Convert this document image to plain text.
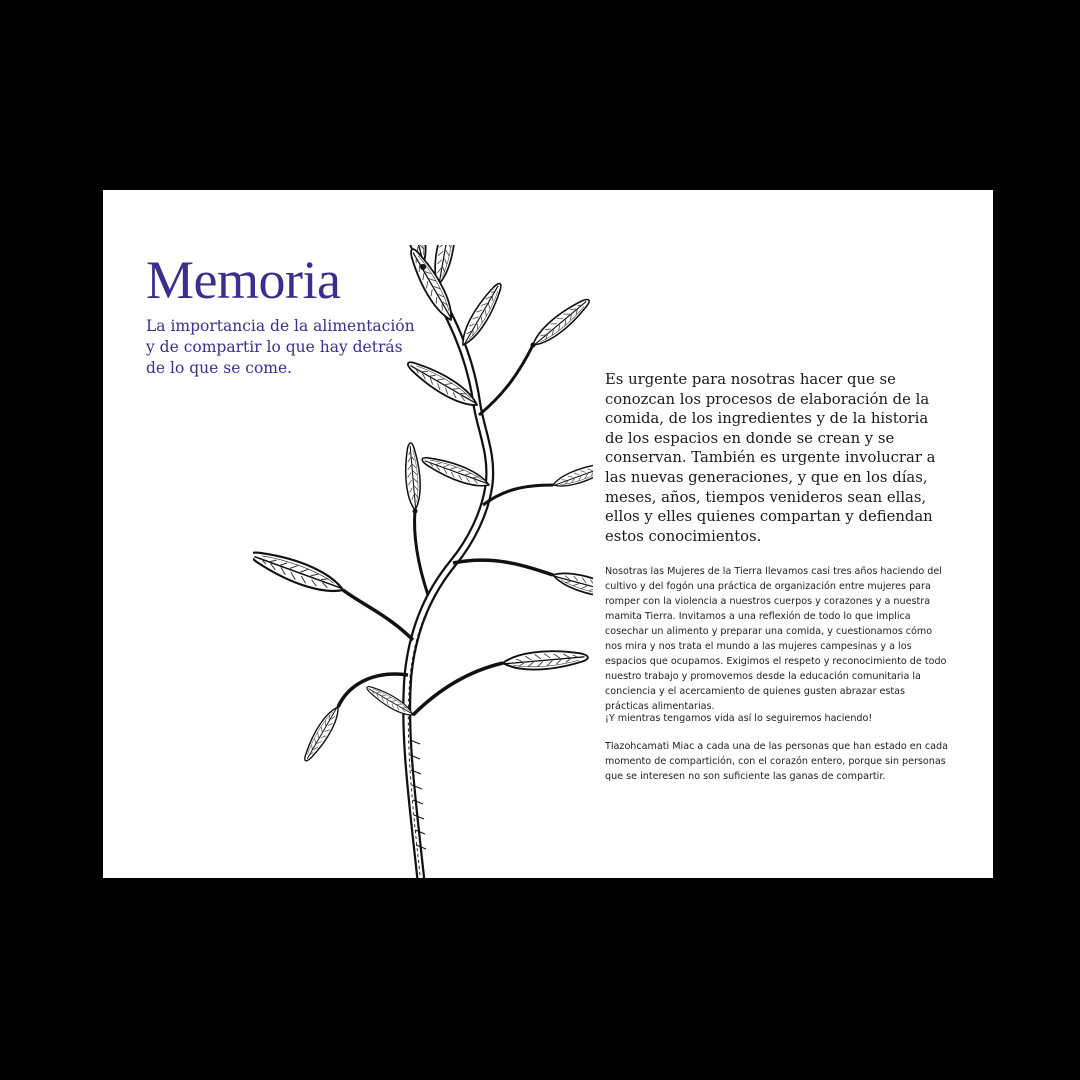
Memoria

La importancia de la alimentación y de compartir lo que hay detrás de lo que se come.

Es urgente para nosotras hacer que se conozcan los procesos de elaboración de la comida, de los ingredientes y de la historia de los espacios en donde se crean y se conservan. También es urgente involucrar a las nuevas generaciones, y que en los días, meses, años, tiempos venideros sean ellas, ellos y elles quienes compartan y defiendan estos conocimientos.

Nosotras las Mujeres de la Tierra llevamos casi tres años haciendo del cultivo y del fogón una práctica de organización entre mujeres para romper con la violencia a nuestros cuerpos y corazones y a nuestra mamita Tierra. Invitamos a una reflexión de todo lo que implica cosechar un alimento y preparar una comida, y cuestionamos cómo nos mira y nos trata el mundo a las mujeres campesinas y a los espacios que ocupamos. Exigimos el respeto y reconocimiento de todo nuestro trabajo y promovemos desde la educación comunitaria la conciencia y el acercamiento de quienes gusten abrazar estas prácticas alimentarias.

¡Y mientras tengamos vida así lo seguiremos haciendo!

Tlazohcamati Miac a cada una de las personas que han estado en cada momento de compartición, con el corazón entero, porque sin personas que se interesen no son suficiente las ganas de compartir.
